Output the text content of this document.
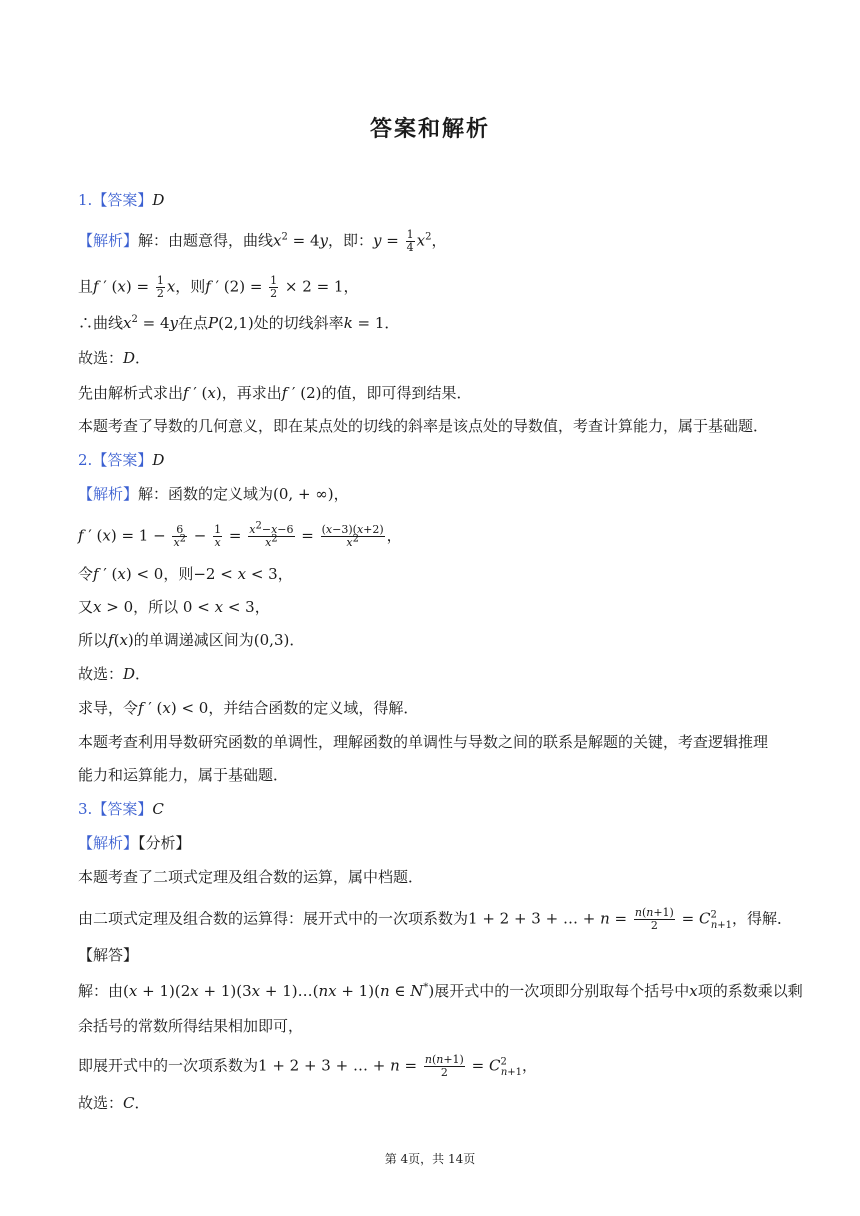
答案和解析
1.【答案】D
【解析】解：由题意得，曲线$x^2 = 4y$，即：$y = \frac{1}{4} x^2$，
且f ′ $(x) = \frac{1}{2}$ x，则f ′ $(2) = \frac{1}{2} \times 2 = 1$，
∴曲线$x^2 = 4y$在点P(2,1)处的切线斜率k = 1．
故选：D．
先由解析式求出f ′ (x)，再求出f ′ (2)的值，即可得到结果．
本题考查了导数的几何意义，即在某点处的切线的斜率是该点处的导数值，考查计算能力，属于基础题．
2.【答案】D
【解析】解：函数的定义域为(0, + ∞)，
f ′ $(x) = 1 - \frac{6}{x^2} - \frac{1}{x} = \frac{x^2-x-6}{x^2} = \frac{(x-3)(x+2)}{x^2}$ ，
令f ′ (x) < 0，则−2 < x < 3，
又x > 0，所以 0 < x < 3，
所以f(x)的单调递减区间为(0,3)．
故选：D．
求导，令f ′ (x) < 0，并结合函数的定义域，得解．
本题考查利用导数研究函数的单调性，理解函数的单调性与导数之间的联系是解题的关键，考查逻辑推理
能力和运算能力，属于基础题．
3.【答案】C
【解析】【分析】
本题考查了二项式定理及组合数的运算，属中档题．
由二项式定理及组合数的运算得：展开式中的一次项系数为1 + 2 + 3 + … + $n = \frac{n(n+1)}{2} = C^2_{n+1}$，得解．
【解答】
解：由(x + 1)(2x + 1)(3x + 1)…(nx + 1)(n ∈ N*)展开式中的一次项即分别取每个括号中x项的系数乘以剩
余括号的常数所得结果相加即可，
即展开式中的一次项系数为1 + 2 + 3 + … + $n = \frac{n(n+1)}{2} = C^2_{n+1}$，
故选：C．
第 4页，共 14页
